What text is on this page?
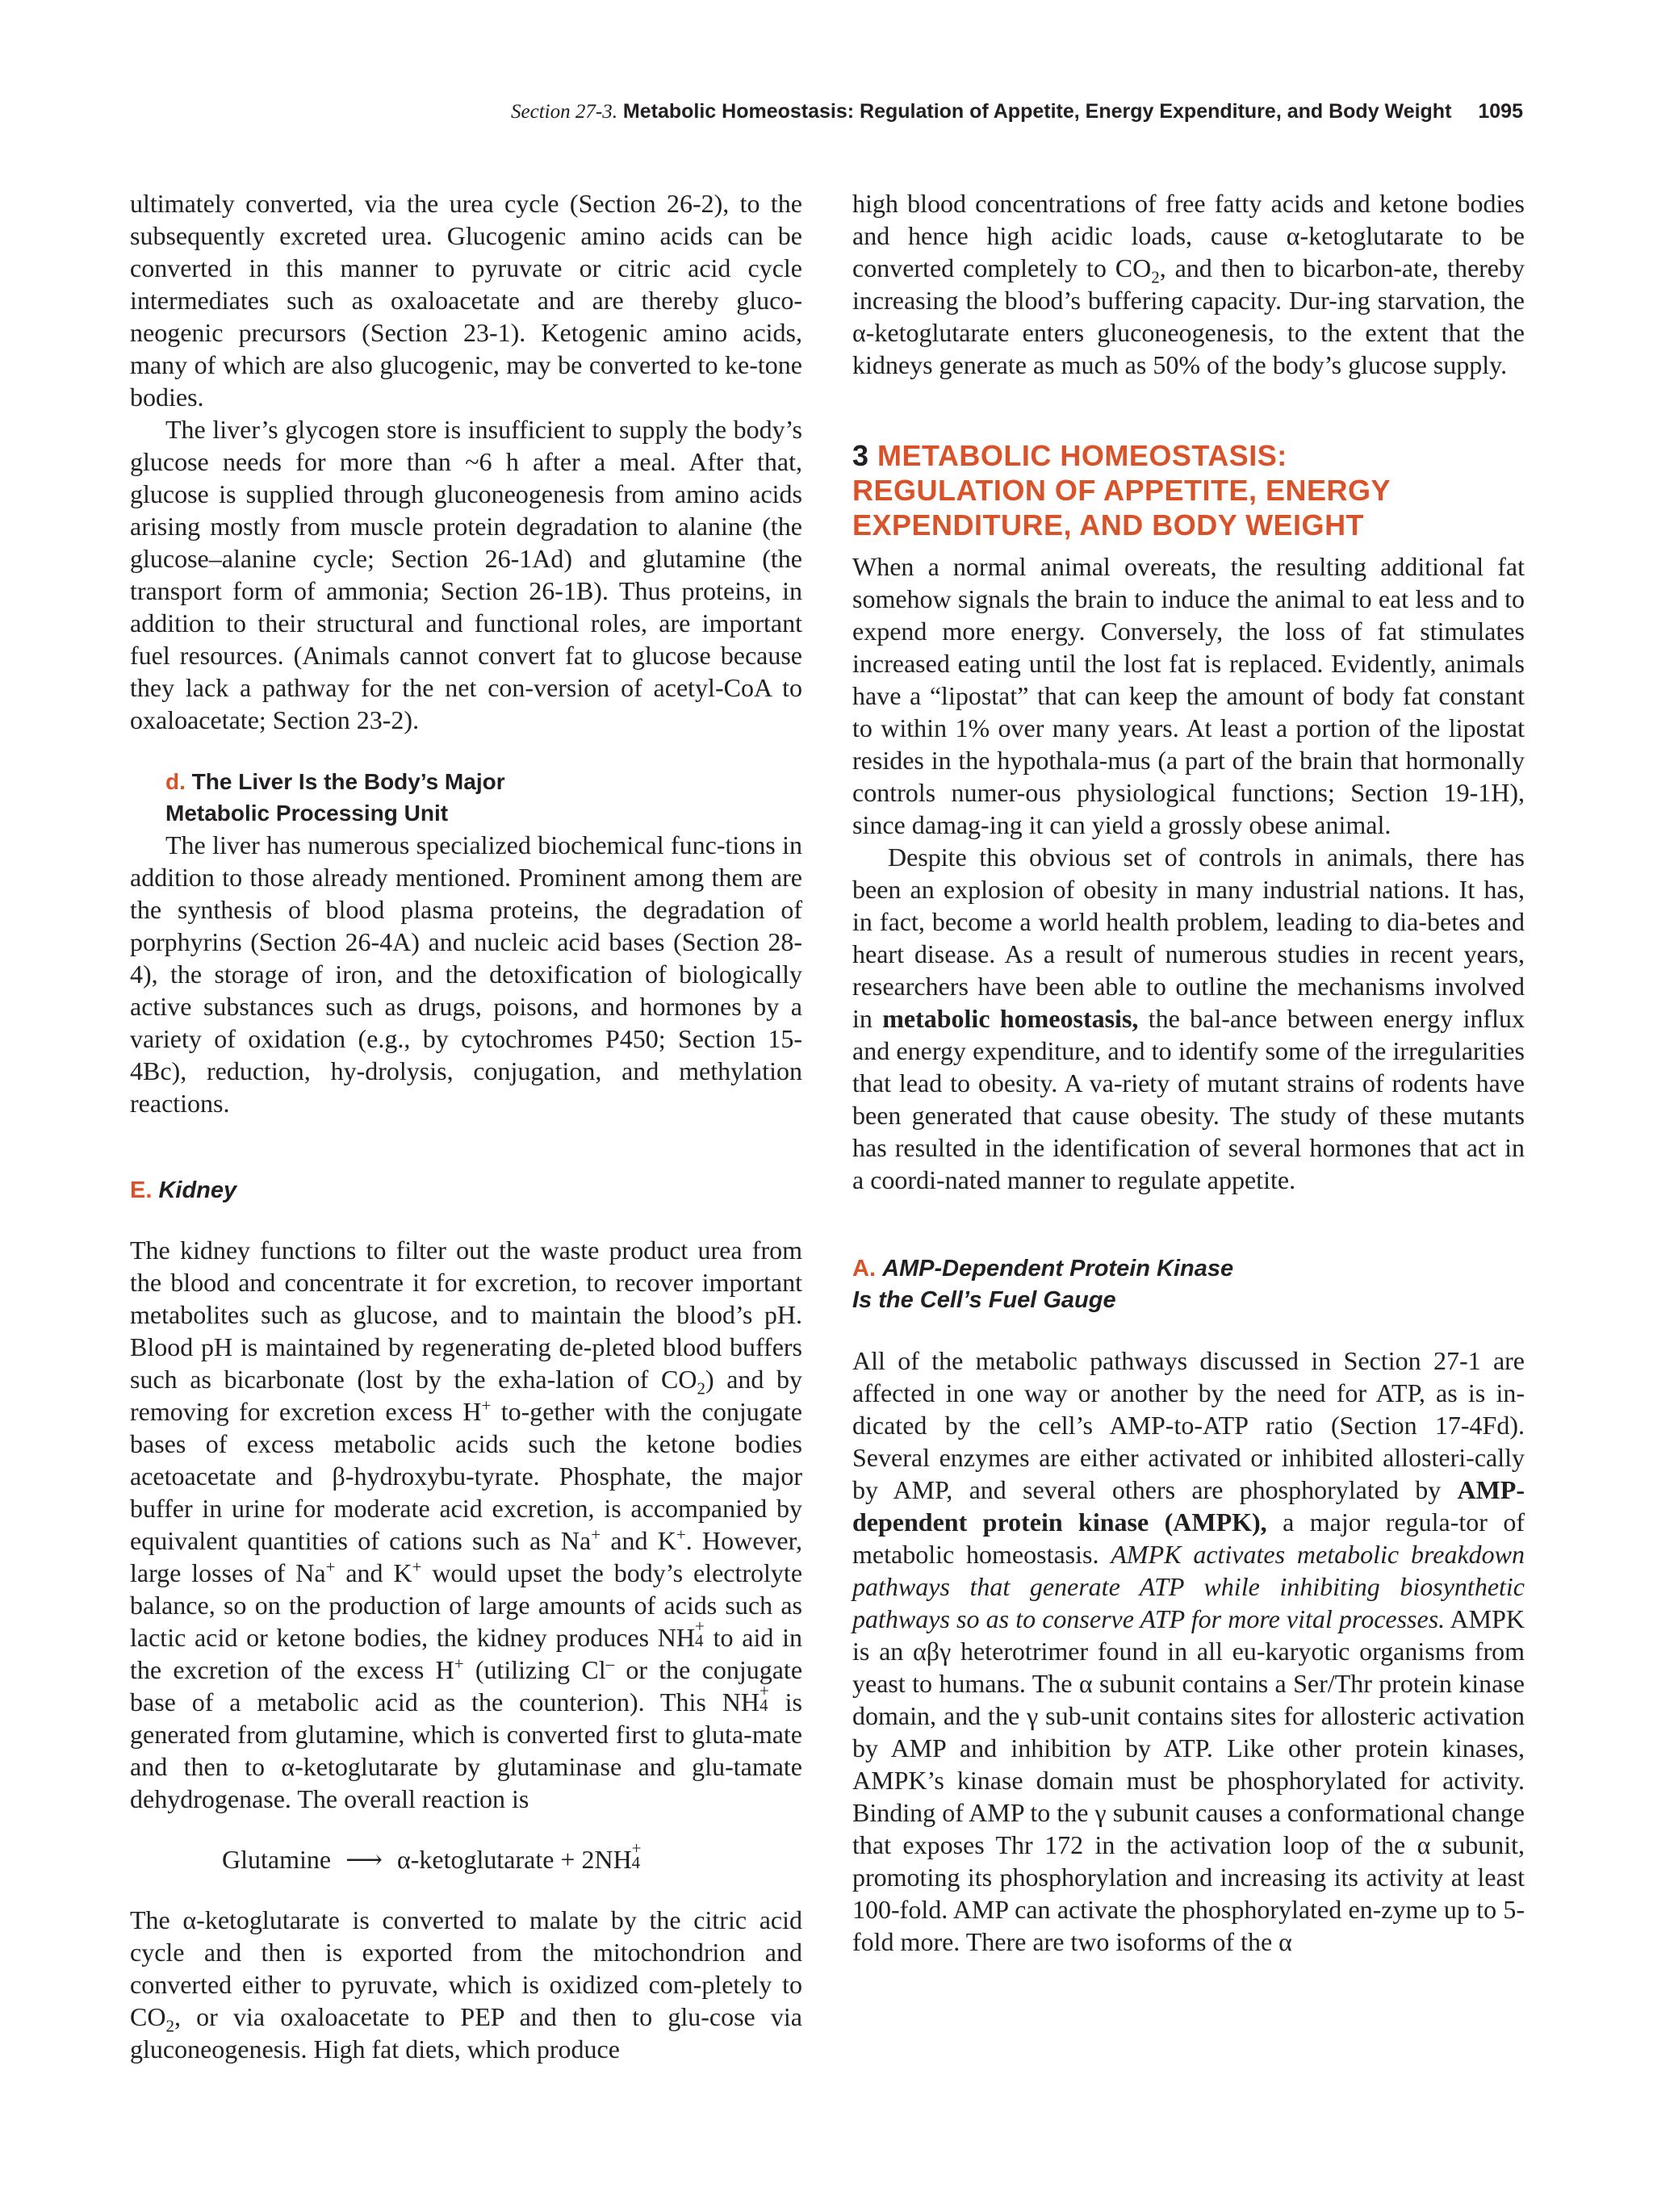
Section 27-3. Metabolic Homeostasis: Regulation of Appetite, Energy Expenditure, and Body Weight 1095

ultimately converted, via the urea cycle (Section 26-2), to the subsequently excreted urea. Glucogenic amino acids can be converted in this manner to pyruvate or citric acid cycle intermediates such as oxaloacetate and are thereby gluco-neogenic precursors (Section 23-1). Ketogenic amino acids, many of which are also glucogenic, may be converted to ke-tone bodies.

The liver’s glycogen store is insufficient to supply the body’s glucose needs for more than ~6 h after a meal. After that, glucose is supplied through gluconeogenesis from amino acids arising mostly from muscle protein degradation to alanine (the glucose–alanine cycle; Section 26-1Ad) and glutamine (the transport form of ammonia; Section 26-1B). Thus proteins, in addition to their structural and functional roles, are important fuel resources. (Animals cannot convert fat to glucose because they lack a pathway for the net con-version of acetyl-CoA to oxaloacetate; Section 23-2).

d. The Liver Is the Body’s Major
Metabolic Processing Unit

The liver has numerous specialized biochemical func-tions in addition to those already mentioned. Prominent among them are the synthesis of blood plasma proteins, the degradation of porphyrins (Section 26-4A) and nucleic acid bases (Section 28-4), the storage of iron, and the detoxification of biologically active substances such as drugs, poisons, and hormones by a variety of oxidation (e.g., by cytochromes P450; Section 15-4Bc), reduction, hy-drolysis, conjugation, and methylation reactions.

E. Kidney

The kidney functions to filter out the waste product urea from the blood and concentrate it for excretion, to recover important metabolites such as glucose, and to maintain the blood’s pH. Blood pH is maintained by regenerating de-pleted blood buffers such as bicarbonate (lost by the exha-lation of $CO_2$) and by removing for excretion excess H+ to-gether with the conjugate bases of excess metabolic acids such the ketone bodies acetoacetate and β-hydroxybu-tyrate. Phosphate, the major buffer in urine for moderate acid excretion, is accompanied by equivalent quantities of cations such as Na+ and K+. However, large losses of Na+ and K+ would upset the body’s electrolyte balance, so on the production of large amounts of acids such as lactic acid or ketone bodies, the kidney produces NH +
4 to aid in the excretion of the excess H+ (utilizing Cl– or the conjugate base of a metabolic acid as the counterion). This NH +
4 is generated from glutamine, which is converted first to gluta-mate and then to α-ketoglutarate by glutaminase and glu-tamate dehydrogenase. The overall reaction is

Glutamine ⟶ α-ketoglutarate + 2NH +
4

The α-ketoglutarate is converted to malate by the citric acid cycle and then is exported from the mitochondrion and converted either to pyruvate, which is oxidized com-pletely to $CO_2$, or via oxaloacetate to PEP and then to glu-cose via gluconeogenesis. High fat diets, which produce

high blood concentrations of free fatty acids and ketone bodies and hence high acidic loads, cause α-ketoglutarate to be converted completely to $CO_2$, and then to bicarbon-ate, thereby increasing the blood’s buffering capacity. Dur-ing starvation, the α-ketoglutarate enters gluconeogenesis, to the extent that the kidneys generate as much as 50% of the body’s glucose supply.

3 METABOLIC HOMEOSTASIS:
REGULATION OF APPETITE, ENERGY
EXPENDITURE, AND BODY WEIGHT

When a normal animal overeats, the resulting additional fat somehow signals the brain to induce the animal to eat less and to expend more energy. Conversely, the loss of fat stimulates increased eating until the lost fat is replaced. Evidently, animals have a “lipostat” that can keep the amount of body fat constant to within 1% over many years. At least a portion of the lipostat resides in the hypothala-mus (a part of the brain that hormonally controls numer-ous physiological functions; Section 19-1H), since damag-ing it can yield a grossly obese animal.

Despite this obvious set of controls in animals, there has been an explosion of obesity in many industrial nations. It has, in fact, become a world health problem, leading to dia-betes and heart disease. As a result of numerous studies in recent years, researchers have been able to outline the mechanisms involved in metabolic homeostasis, the bal-ance between energy influx and energy expenditure, and to identify some of the irregularities that lead to obesity. A va-riety of mutant strains of rodents have been generated that cause obesity. The study of these mutants has resulted in the identification of several hormones that act in a coordi-nated manner to regulate appetite.

A. AMP-Dependent Protein Kinase
Is the Cell’s Fuel Gauge

All of the metabolic pathways discussed in Section 27-1 are affected in one way or another by the need for ATP, as is in-dicated by the cell’s AMP-to-ATP ratio (Section 17-4Fd). Several enzymes are either activated or inhibited allosteri-cally by AMP, and several others are phosphorylated by AMP-dependent protein kinase (AMPK), a major regula-tor of metabolic homeostasis. AMPK activates metabolic breakdown pathways that generate ATP while inhibiting biosynthetic pathways so as to conserve ATP for more vital processes. AMPK is an αβγ heterotrimer found in all eu-karyotic organisms from yeast to humans. The α subunit contains a Ser/Thr protein kinase domain, and the γ sub-unit contains sites for allosteric activation by AMP and inhibition by ATP. Like other protein kinases, AMPK’s kinase domain must be phosphorylated for activity. Binding of AMP to the γ subunit causes a conformational change that exposes Thr 172 in the activation loop of the α subunit, promoting its phosphorylation and increasing its activity at least 100-fold. AMP can activate the phosphorylated en-zyme up to 5-fold more. There are two isoforms of the α
